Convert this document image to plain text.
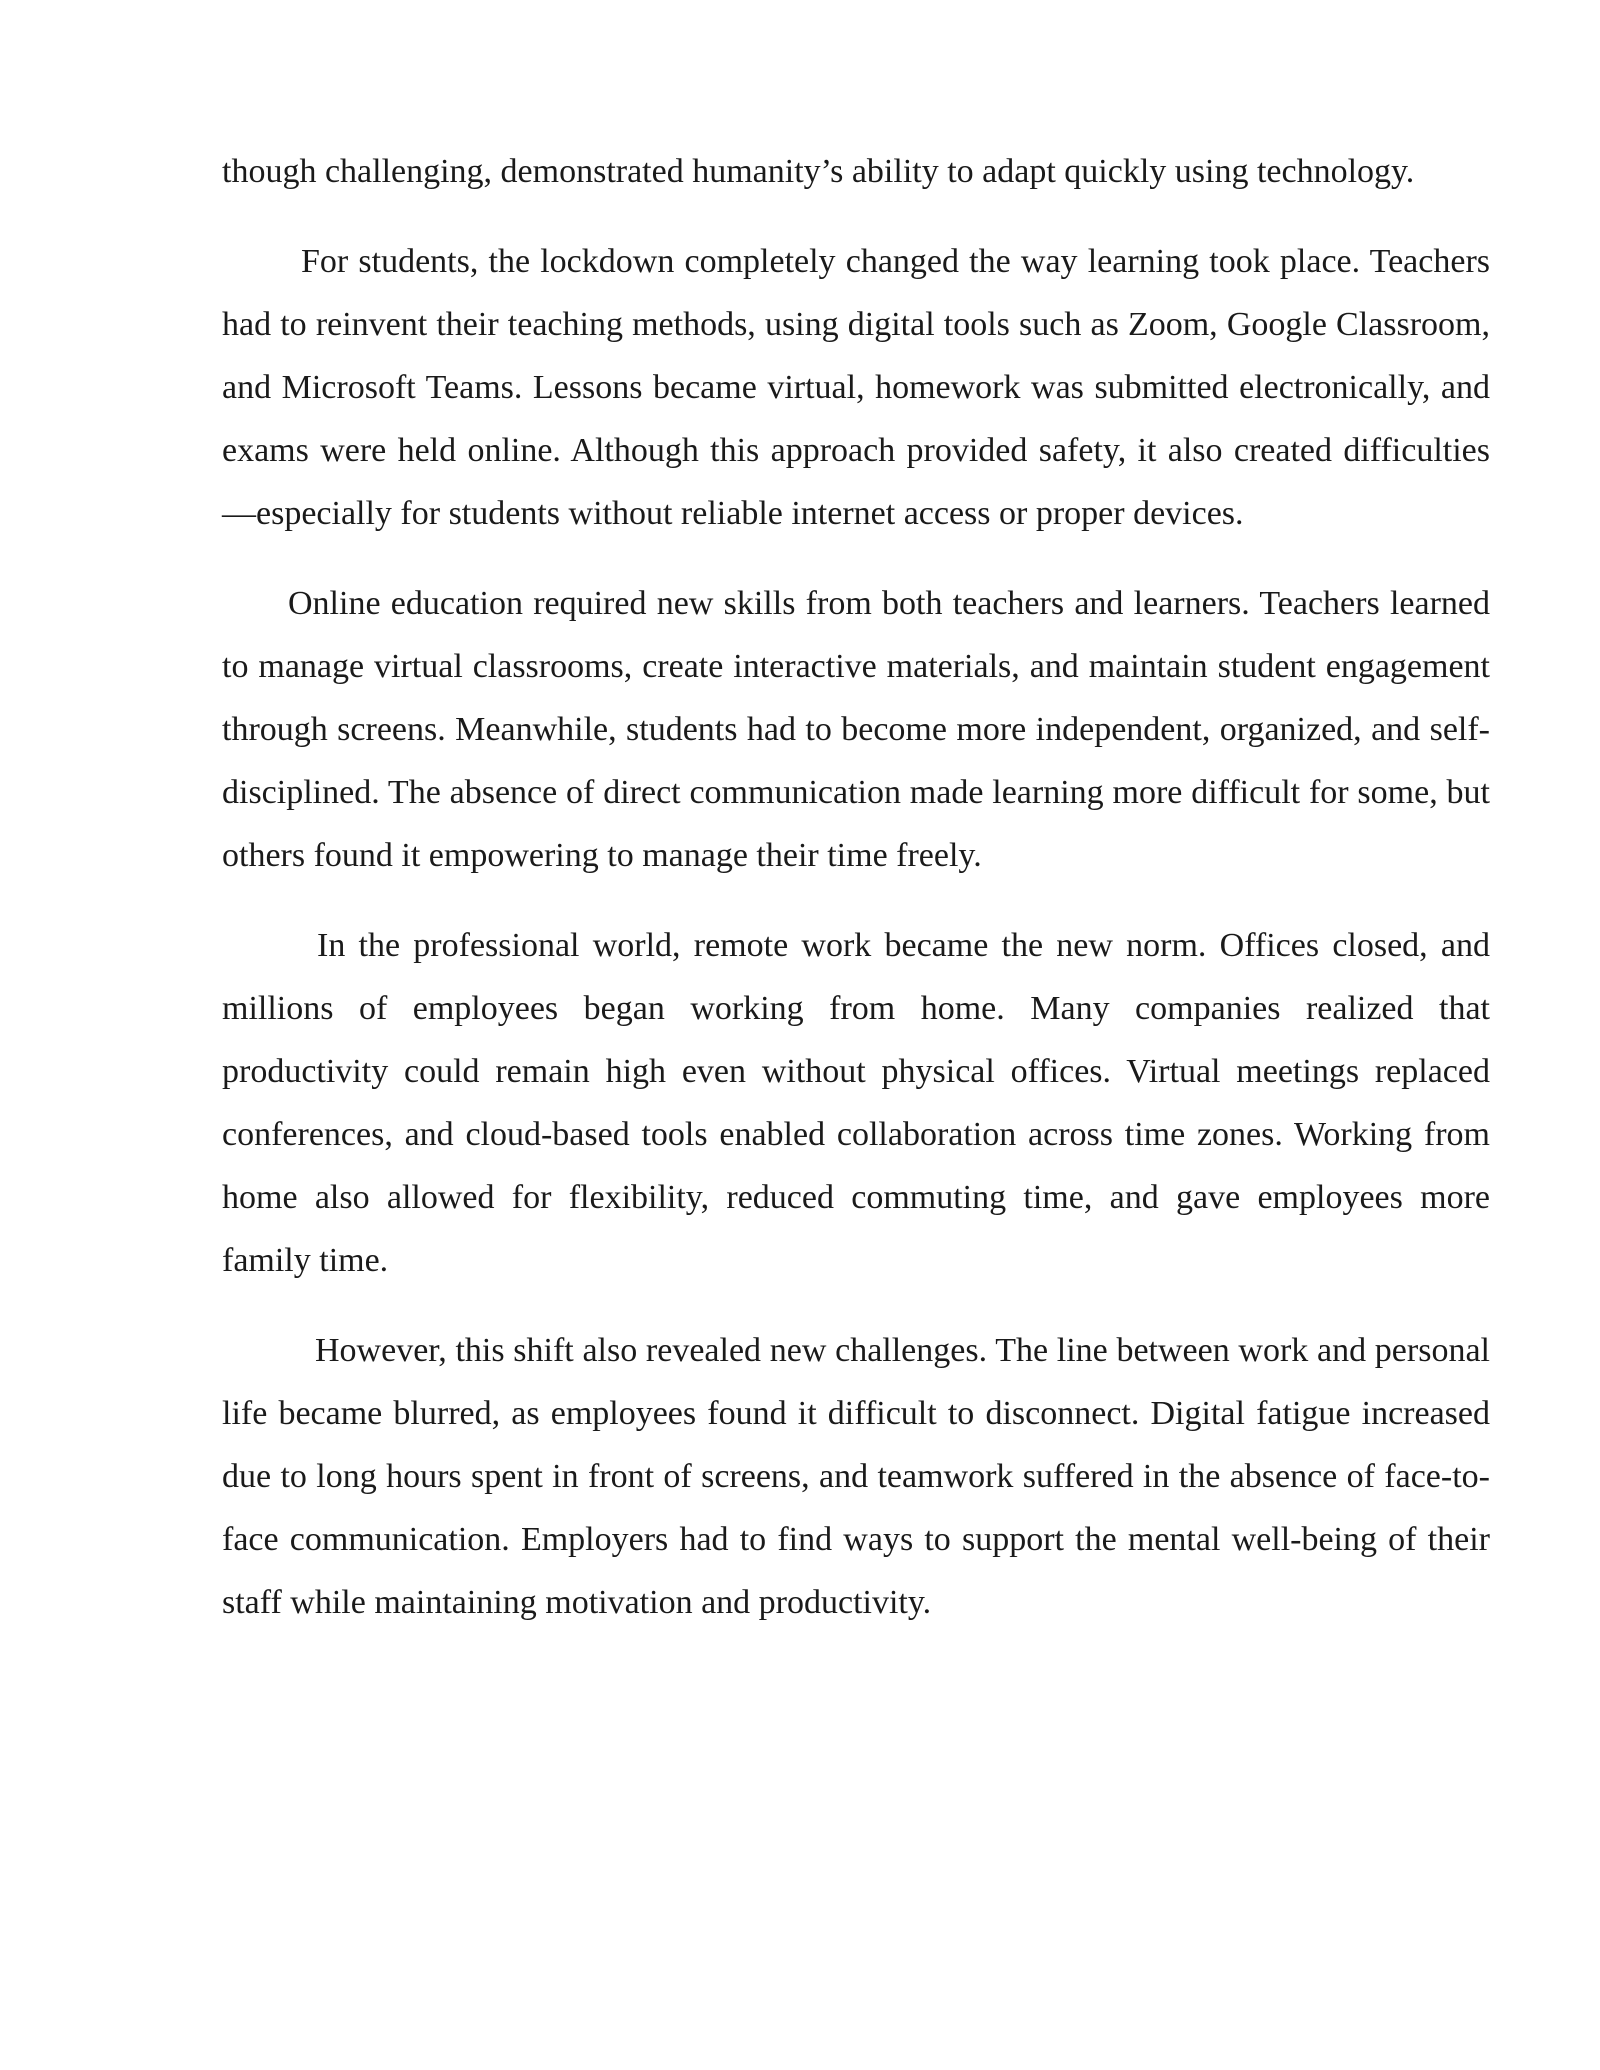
though challenging, demonstrated humanity’s ability to adapt quickly using technology.

For students, the lockdown completely changed the way learning took place. Teachers had to reinvent their teaching methods, using digital tools such as Zoom, Google Classroom, and Microsoft Teams. Lessons became virtual, homework was submitted electronically, and exams were held online. Although this approach provided safety, it also created difficulties—especially for students without reliable internet access or proper devices.

Online education required new skills from both teachers and learners. Teachers learned to manage virtual classrooms, create interactive materials, and maintain student engagement through screens. Meanwhile, students had to become more independent, organized, and self-disciplined. The absence of direct communication made learning more difficult for some, but others found it empowering to manage their time freely.

In the professional world, remote work became the new norm. Offices closed, and millions of employees began working from home. Many companies realized that productivity could remain high even without physical offices. Virtual meetings replaced conferences, and cloud-based tools enabled collaboration across time zones. Working from home also allowed for flexibility, reduced commuting time, and gave employees more family time.

However, this shift also revealed new challenges. The line between work and personal life became blurred, as employees found it difficult to disconnect. Digital fatigue increased due to long hours spent in front of screens, and teamwork suffered in the absence of face-to-face communication. Employers had to find ways to support the mental well-being of their staff while maintaining motivation and productivity.
